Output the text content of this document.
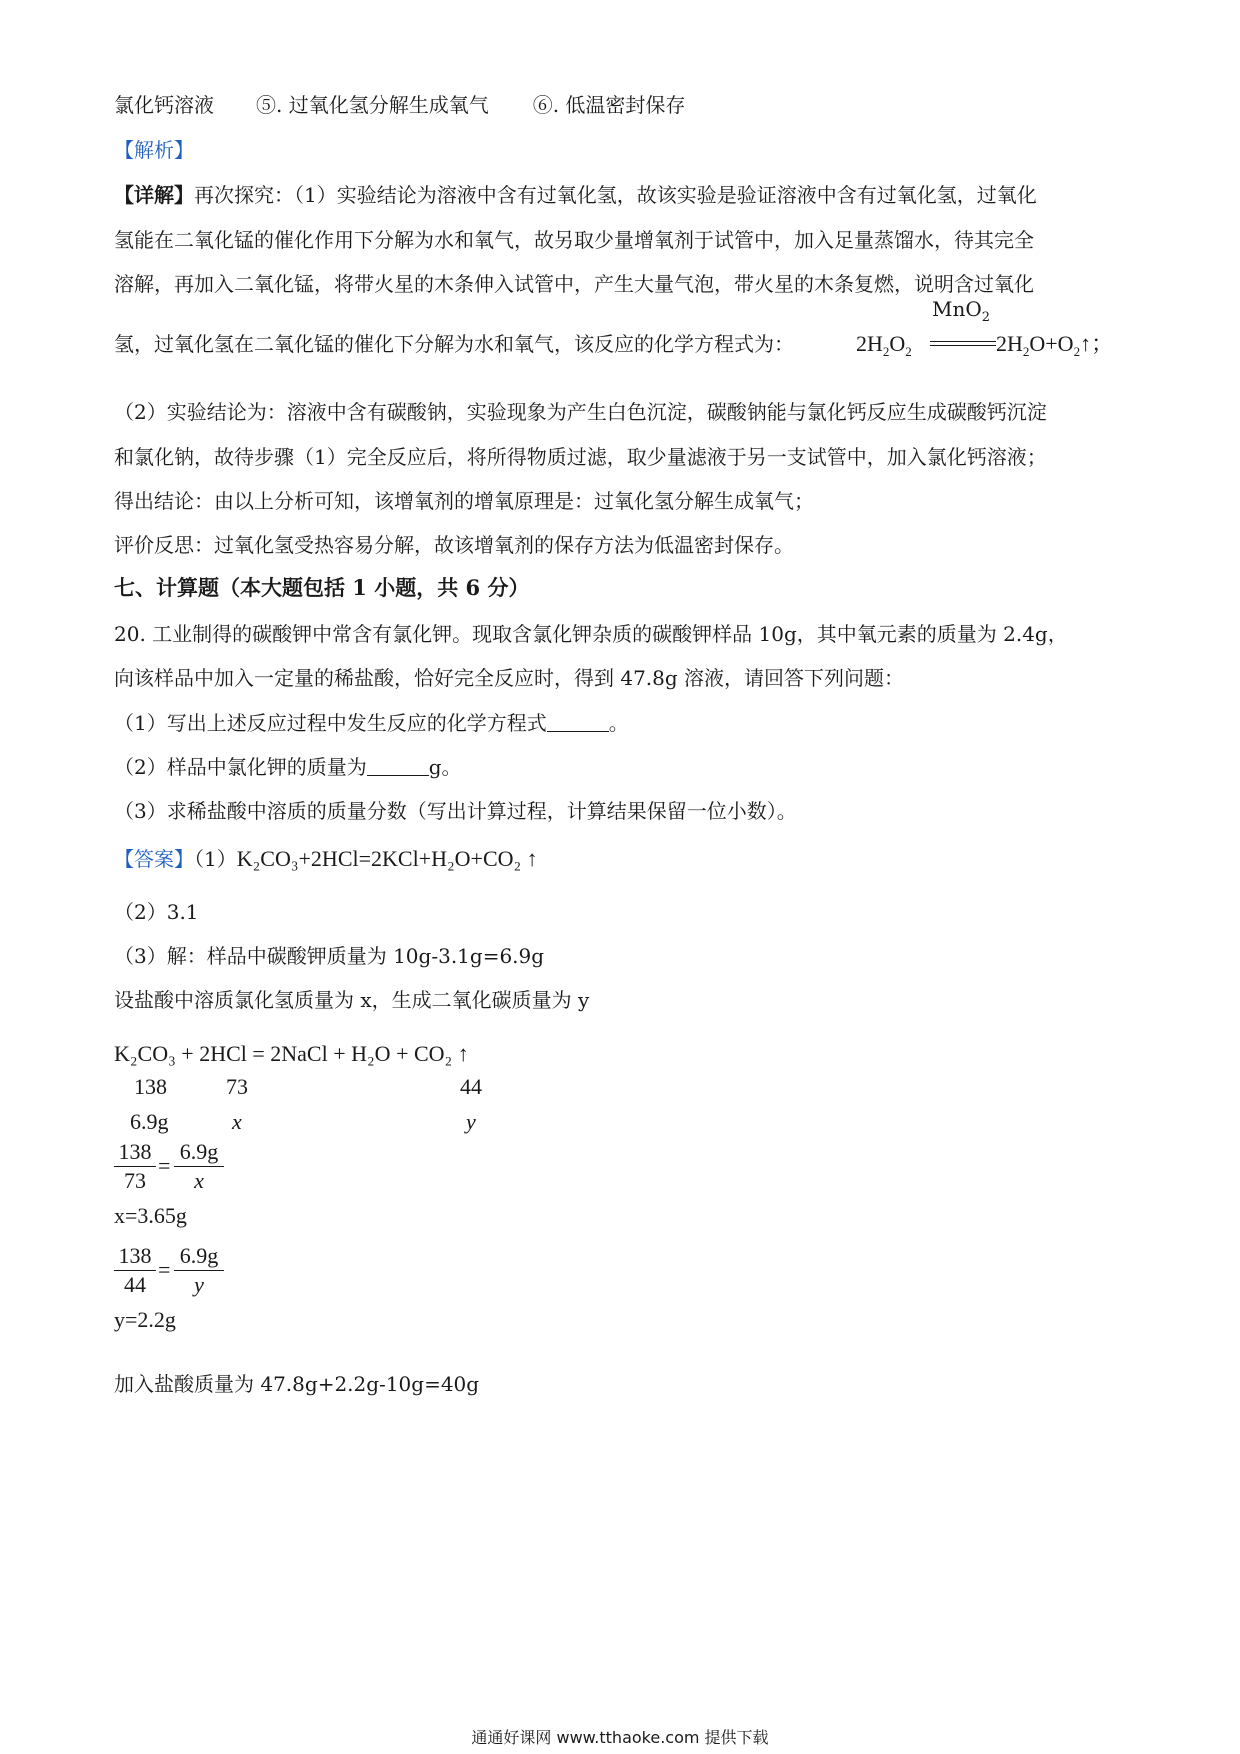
氯化钙溶液 ⑤. 过氧化氢分解生成氧气 ⑥. 低温密封保存
【解析】
【详解】再次探究：（1）实验结论为溶液中含有过氧化氢，故该实验是验证溶液中含有过氧化氢，过氧化
氢能在二氧化锰的催化作用下分解为水和氧气，故另取少量增氧剂于试管中，加入足量蒸馏水，待其完全
溶解，再加入二氧化锰，将带火星的木条伸入试管中，产生大量气泡，带火星的木条复燃，说明含过氧化
氢，过氧化氢在二氧化锰的催化下分解为水和氧气，该反应的化学方程式为：	$2H_2O_2$
MnO$_2$
$2H_2O+O_2↑$；
（2）实验结论为：溶液中含有碳酸钠，实验现象为产生白色沉淀，碳酸钠能与氯化钙反应生成碳酸钙沉淀
和氯化钠，故待步骤（1）完全反应后，将所得物质过滤，取少量滤液于另一支试管中，加入氯化钙溶液；
得出结论：由以上分析可知，该增氧剂的增氧原理是：过氧化氢分解生成氧气；
评价反思：过氧化氢受热容易分解，故该增氧剂的保存方法为低温密封保存。
七、计算题（本大题包括 1 小题，共 6 分）
20. 工业制得的碳酸钾中常含有氯化钾。现取含氯化钾杂质的碳酸钾样品 10g，其中氧元素的质量为 2.4g，
向该样品中加入一定量的稀盐酸，恰好完全反应时，得到 47.8g 溶液，请回答下列问题：
（1）写出上述反应过程中发生反应的化学方程式	。
（2）样品中氯化钾的质量为	g。
（3）求稀盐酸中溶质的质量分数（写出计算过程，计算结果保留一位小数）。
【答案】（1）K₂CO₃+2HCl=2KCl+H₂O+CO₂ ↑
（2）3.1
（3）解：样品中碳酸钾质量为 10g-3.1g=6.9g
设盐酸中溶质氯化氢质量为 x，生成二氧化碳质量为 y
K₂CO₃ + 2HCl = 2NaCl + H₂O + CO₂ ↑
138	73	44
6.9g	x	y
$\frac{138}{73} = \frac{6.9g}{x}$
x=3.65g
$\frac{138}{44} = \frac{6.9g}{y}$
y=2.2g
加入盐酸质量为 47.8g+2.2g-10g=40g
通通好课网 www.tthaoke.com 提供下载
